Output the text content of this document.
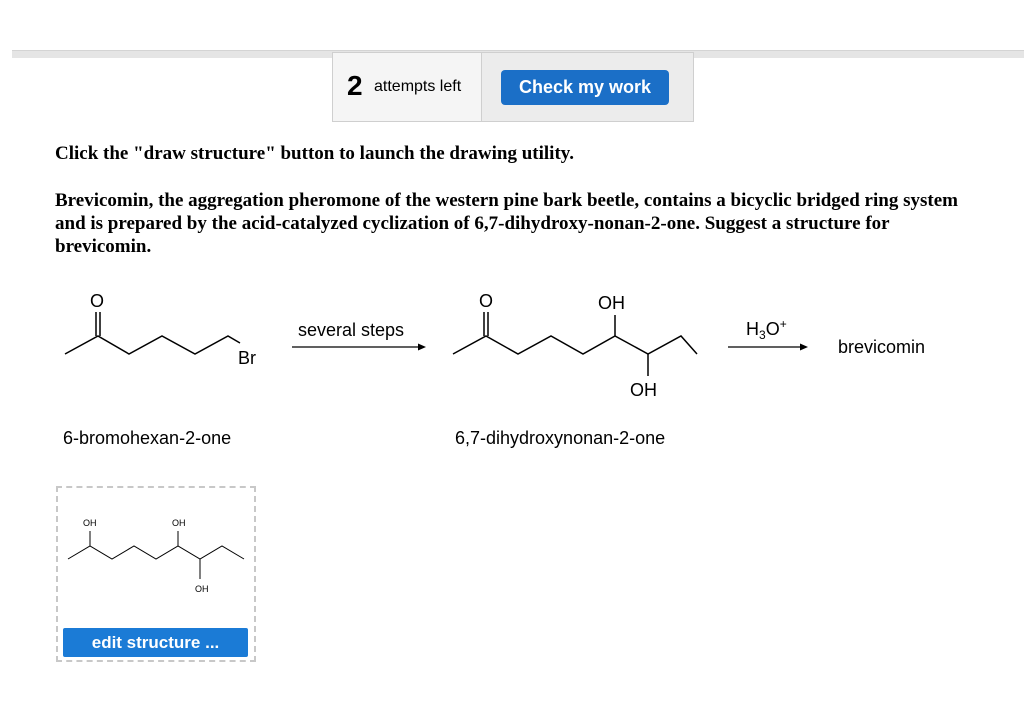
2 attempts left	Check my work
Click the "draw structure" button to launch the drawing utility.
Brevicomin, the aggregation pheromone of the western pine bark beetle, contains a bicyclic bridged ring system and is prepared by the acid-catalyzed cyclization of 6,7-dihydroxy-nonan-2-one. Suggest a structure for brevicomin.
O
Br
several steps
O	OH
OH
$H_3O^+$
brevicomin
6-bromohexan-2-one	6,7-dihydroxynonan-2-one
OH	OH
OH
edit structure ...
